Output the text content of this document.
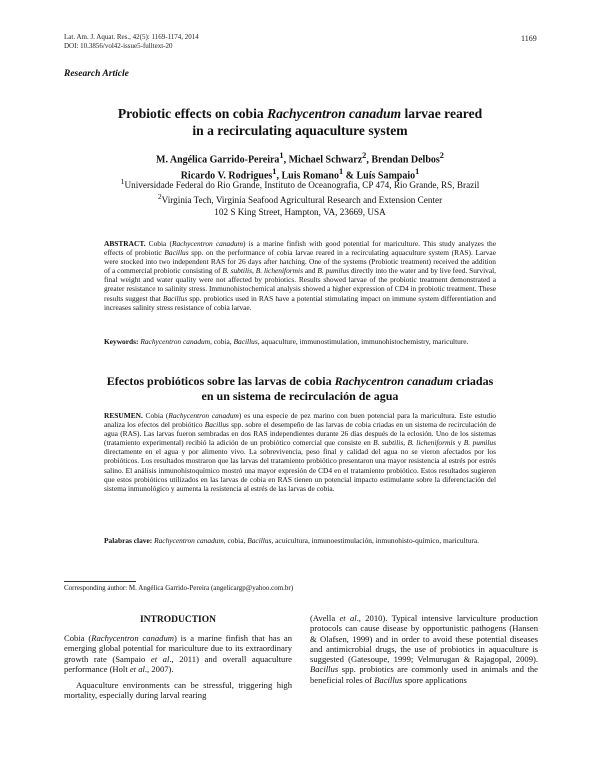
Lat. Am. J. Aquat. Res., 42(5): 1169-1174, 2014
DOI: 10.3856/vol42-issue5-fulltext-20
1169
Research Article
Probiotic effects on cobia Rachycentron canadum larvae reared
in a recirculating aquaculture system
M. Angélica Garrido-Pereira$^1$, Michael Schwarz$^2$, Brendan Delbos$^2$
Ricardo V. Rodrigues$^1$, Luis Romano$^1$ & Luís Sampaio$^1$
$^1$Universidade Federal do Rio Grande, Instituto de Oceanografia, CP 474, Rio Grande, RS, Brazil
$^2$Virginia Tech, Virginia Seafood Agricultural Research and Extension Center
102 S King Street, Hampton, VA, 23669, USA
ABSTRACT. Cobia (Rachycentron canadum) is a marine finfish with good potential for mariculture. This study analyzes the effects of probiotic Bacillus spp. on the performance of cobia larvae reared in a recirculating aquaculture system (RAS). Larvae were stocked into two independent RAS for 26 days after hatching. One of the systems (Probiotic treatment) received the addition of a commercial probiotic consisting of B. subtilis, B. licheniformis and B. pumilus directly into the water and by live feed. Survival, final weight and water quality were not affected by probiotics. Results showed larvae of the probiotic treatment demonstrated a greater resistance to salinity stress. Immunohistochemical analysis showed a higher expression of CD4 in probiotic treatment. These results suggest that Bacillus spp. probiotics used in RAS have a potential stimulating impact on immune system differentiation and increases salinity stress resistance of cobia larvae.
Keywords: Rachycentron canadum, cobia, Bacillus, aquaculture, immunostimulation, immunohistochemistry, mariculture.
Efectos probióticos sobre las larvas de cobia Rachycentron canadum criadas
en un sistema de recirculación de agua
RESUMEN. Cobia (Rachycentron canadum) es una especie de pez marino con buen potencial para la maricultura. Este estudio analiza los efectos del probiótico Bacillus spp. sobre el desempeño de las larvas de cobia criadas en un sistema de recirculación de agua (RAS). Las larvas fueron sembradas en dos RAS independientes durante 26 días después de la eclosión. Uno de los sistemas (tratamiento experimental) recibió la adición de un probiótico comercial que consiste en B. subtilis, B. licheniformis y B. pumilus directamente en el agua y por alimento vivo. La sobrevivencia, peso final y calidad del agua no se vieron afectados por los probióticos. Los resultados mostraron que las larvas del tratamiento probiótico presentaron una mayor resistencia al estrés por estrés salino. El análisis inmunohistoquímico mostró una mayor expresión de CD4 en el tratamiento probiótico. Estos resultados sugieren que estos probióticos utilizados en las larvas de cobia en RAS tienen un potencial impacto estimulante sobre la diferenciación del sistema inmunológico y aumenta la resistencia al estrés de las larvas de cobia.
Palabras clave: Rachycentron canadum, cobia, Bacillus, acuicultura, inmunoestimulación, inmunohisto-químico, maricultura.
Corresponding author: M. Angélica Garrido-Pereira (angelicargp@yahoo.com.br)
INTRODUCTION

Cobia (Rachycentron canadum) is a marine finfish that has an emerging global potential for mariculture due to its extraordinary growth rate (Sampaio et al., 2011) and overall aquaculture performance (Holt et al., 2007).

Aquaculture environments can be stressful, triggering high mortality, especially during larval rearing

(Avella et al., 2010). Typical intensive larviculture production protocols can cause disease by opportunistic pathogens (Hansen & Olafsen, 1999) and in order to avoid these potential diseases and antimicrobial drugs, the use of probiotics in aquaculture is suggested (Gatesoupe, 1999; Velmurugan & Rajagopal, 2009). Bacillus spp. probiotics are commonly used in animals and the beneficial roles of Bacillus spore applications
